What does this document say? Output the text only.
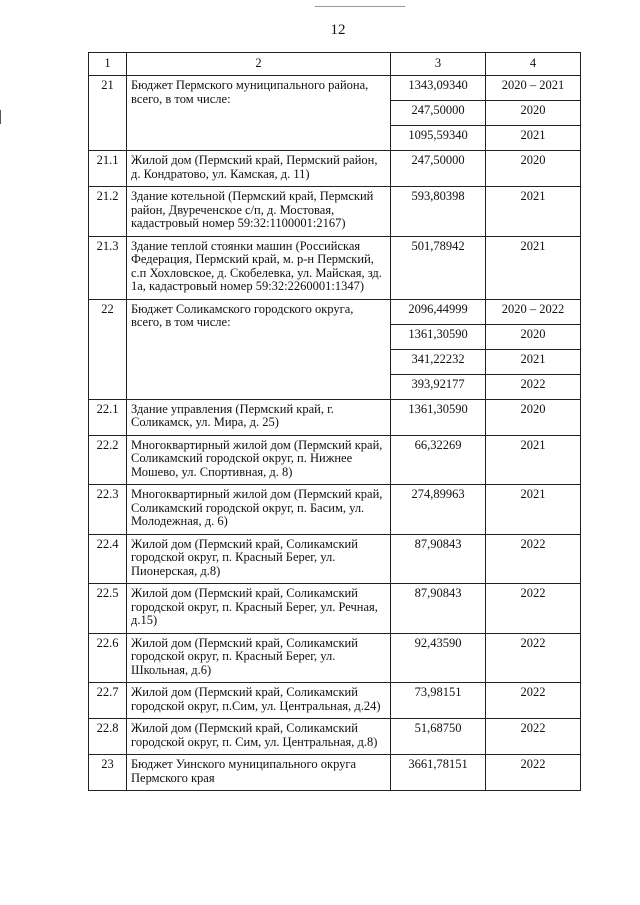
12
1	2	3	4
21	Бюджет Пермского муниципального района, всего, в том числе:	1343,09340	2020 – 2021
		247,50000	2020
		1095,59340	2021
21.1	Жилой дом (Пермский край, Пермский район, д. Кондратово, ул. Камская, д. 11)	247,50000	2020
21.2	Здание котельной (Пермский край, Пермский район, Двуреченское с/п, д. Мостовая, кадастровый номер 59:32:1100001:2167)	593,80398	2021
21.3	Здание теплой стоянки машин (Российская Федерация, Пермский край, м. р-н Пермский, с.п Хохловское, д. Скобелевка, ул. Майская, зд. 1а, кадастровый номер 59:32:2260001:1347)	501,78942	2021
22	Бюджет Соликамского городского округа, всего, в том числе:	2096,44999	2020 – 2022
		1361,30590	2020
		341,22232	2021
		393,92177	2022
22.1	Здание управления (Пермский край, г. Соликамск, ул. Мира, д. 25)	1361,30590	2020
22.2	Многоквартирный жилой дом (Пермский край, Соликамский городской округ, п. Нижнее Мошево, ул. Спортивная, д. 8)	66,32269	2021
22.3	Многоквартирный жилой дом (Пермский край, Соликамский городской округ, п. Басим, ул. Молодежная, д. 6)	274,89963	2021
22.4	Жилой дом (Пермский край, Соликамский городской округ, п. Красный Берег, ул. Пионерская, д.8)	87,90843	2022
22.5	Жилой дом (Пермский край, Соликамский городской округ, п. Красный Берег, ул. Речная, д.15)	87,90843	2022
22.6	Жилой дом (Пермский край, Соликамский городской округ, п. Красный Берег, ул. Школьная, д.6)	92,43590	2022
22.7	Жилой дом (Пермский край, Соликамский городской округ, п.Сим, ул. Центральная, д.24)	73,98151	2022
22.8	Жилой дом (Пермский край, Соликамский городской округ, п. Сим, ул. Центральная, д.8)	51,68750	2022
23	Бюджет Уинского муниципального округа Пермского края	3661,78151	2022
